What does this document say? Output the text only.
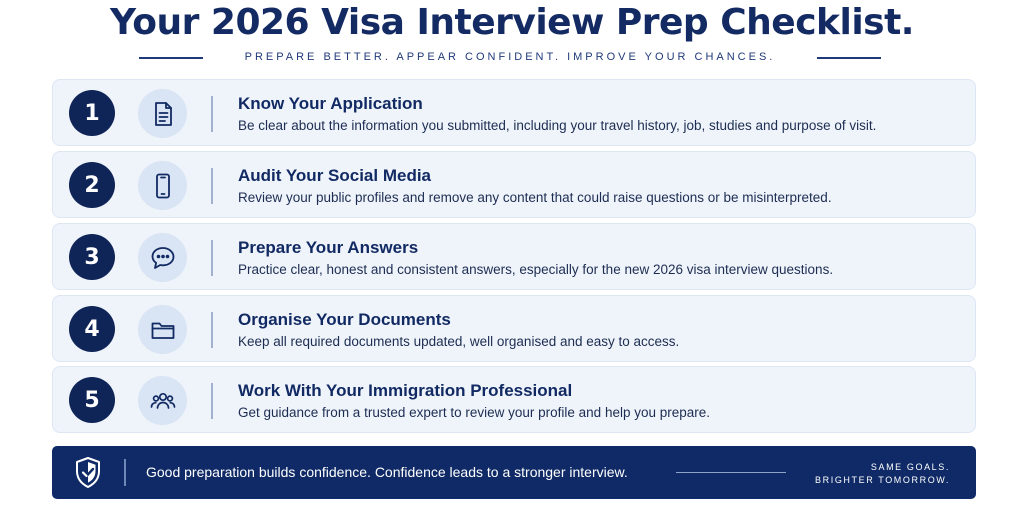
Your 2026 Visa Interview Prep Checklist.
PREPARE BETTER. APPEAR CONFIDENT. IMPROVE YOUR CHANCES.
1	Know Your Application
Be clear about the information you submitted, including your travel history, job, studies and purpose of visit.
2	Audit Your Social Media
Review your public profiles and remove any content that could raise questions or be misinterpreted.
3	Prepare Your Answers
Practice clear, honest and consistent answers, especially for the new 2026 visa interview questions.
4	Organise Your Documents
Keep all required documents updated, well organised and easy to access.
5	Work With Your Immigration Professional
Get guidance from a trusted expert to review your profile and help you prepare.
Good preparation builds confidence. Confidence leads to a stronger interview.	SAME GOALS.
BRIGHTER TOMORROW.
